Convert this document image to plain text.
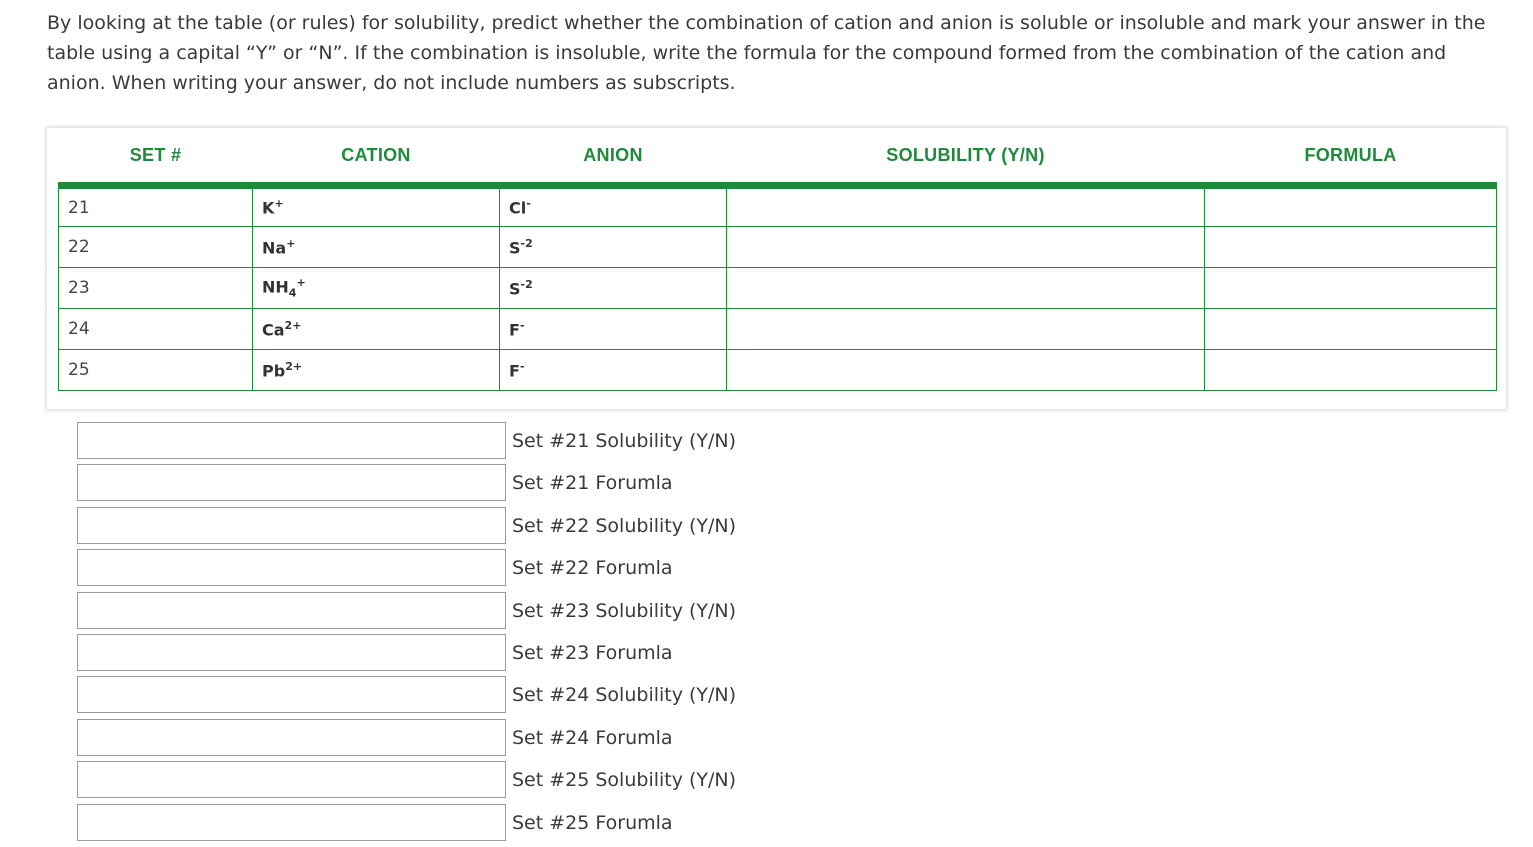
By looking at the table (or rules) for solubility, predict whether the combination of cation and anion is soluble or insoluble and mark your answer in the table using a capital “Y” or “N”. If the combination is insoluble, write the formula for the compound formed from the combination of the cation and anion. When writing your answer, do not include numbers as subscripts.

SET #	CATION	ANION	SOLUBILITY (Y/N)	FORMULA
21	K+	Cl-		
22	Na+	$S^{-2}$		
23	$NH_4^+$	$S^{-2}$		
24	$Ca^{2+}$	F-		
25	$Pb^{2+}$	F-		
Set #21 Solubility (Y/N)
Set #21 Forumla
Set #22 Solubility (Y/N)
Set #22 Forumla
Set #23 Solubility (Y/N)
Set #23 Forumla
Set #24 Solubility (Y/N)
Set #24 Forumla
Set #25 Solubility (Y/N)
Set #25 Forumla
